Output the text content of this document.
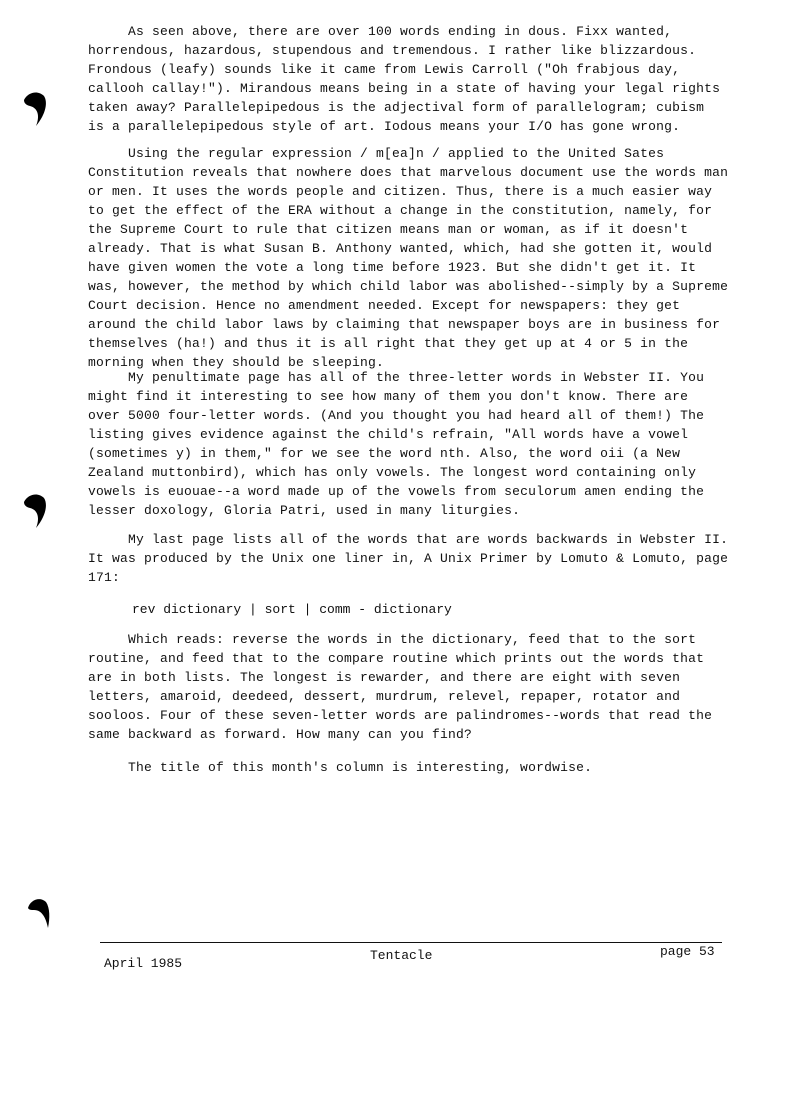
As seen above, there are over 100 words ending in dous. Fixx wanted,
horrendous, hazardous, stupendous and tremendous. I rather like blizzardous.
Frondous (leafy) sounds like it came from Lewis Carroll ("Oh frabjous day,
callooh callay!"). Mirandous means being in a state of having your legal rights
taken away? Parallelepipedous is the adjectival form of parallelogram; cubism
is a parallelepipedous style of art. Iodous means your I/O has gone wrong.
Using the regular expression / m[ea]n / applied to the United Sates
Constitution reveals that nowhere does that marvelous document use the words man
or men. It uses the words people and citizen. Thus, there is a much easier way
to get the effect of the ERA without a change in the constitution, namely, for
the Supreme Court to rule that citizen means man or woman, as if it doesn't
already. That is what Susan B. Anthony wanted, which, had she gotten it, would
have given women the vote a long time before 1923. But she didn't get it. It
was, however, the method by which child labor was abolished--simply by a Supreme
Court decision. Hence no amendment needed. Except for newspapers: they get
around the child labor laws by claiming that newspaper boys are in business for
themselves (ha!) and thus it is all right that they get up at 4 or 5 in the
morning when they should be sleeping.
My penultimate page has all of the three-letter words in Webster II. You
might find it interesting to see how many of them you don't know. There are
over 5000 four-letter words. (And you thought you had heard all of them!) The
listing gives evidence against the child's refrain, "All words have a vowel
(sometimes y) in them," for we see the word nth. Also, the word oii (a New
Zealand muttonbird), which has only vowels. The longest word containing only
vowels is euouae--a word made up of the vowels from seculorum amen ending the
lesser doxology, Gloria Patri, used in many liturgies.
My last page lists all of the words that are words backwards in Webster II.
It was produced by the Unix one liner in, A Unix Primer by Lomuto & Lomuto, page
171:
rev dictionary | sort | comm - dictionary
Which reads: reverse the words in the dictionary, feed that to the sort
routine, and feed that to the compare routine which prints out the words that
are in both lists. The longest is rewarder, and there are eight with seven
letters, amaroid, deedeed, dessert, murdrum, relevel, repaper, rotator and
sooloos. Four of these seven-letter words are palindromes--words that read the
same backward as forward. How many can you find?
The title of this month's column is interesting, wordwise.
April 1985
Tentacle	page 53
